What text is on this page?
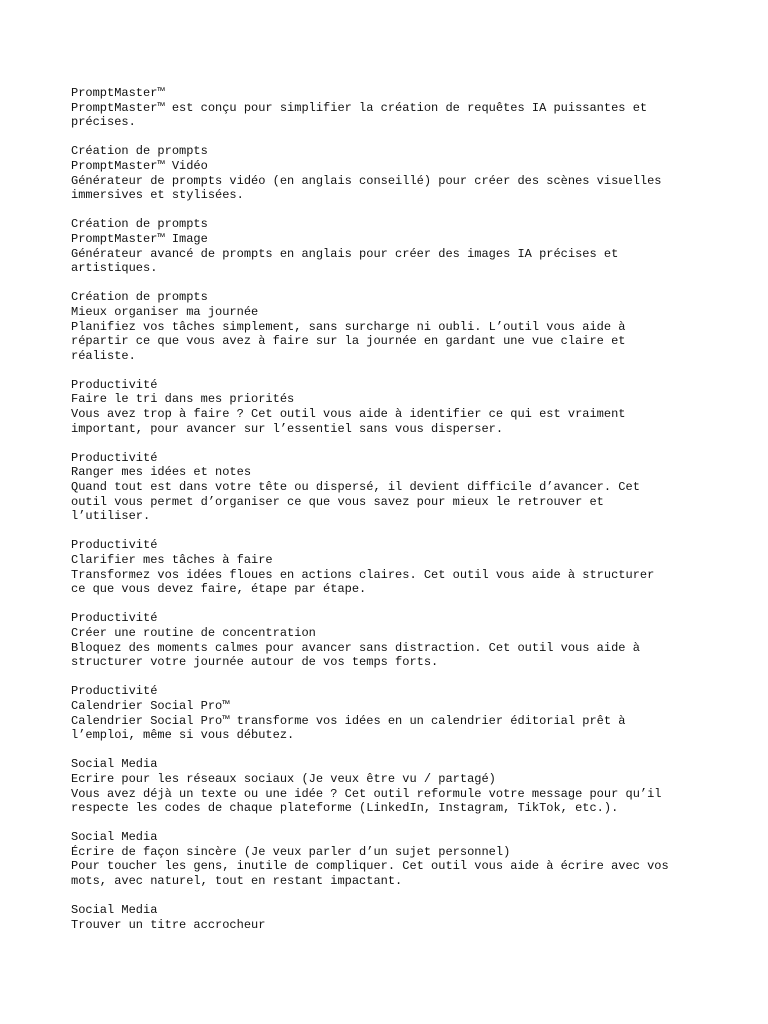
PromptMaster™
PromptMaster™ est conçu pour simplifier la création de requêtes IA puissantes et
précises.
Création de prompts
PromptMaster™ Vidéo
Générateur de prompts vidéo (en anglais conseillé) pour créer des scènes visuelles
immersives et stylisées.
Création de prompts
PromptMaster™ Image
Générateur avancé de prompts en anglais pour créer des images IA précises et
artistiques.
Création de prompts
Mieux organiser ma journée
Planifiez vos tâches simplement, sans surcharge ni oubli. L’outil vous aide à
répartir ce que vous avez à faire sur la journée en gardant une vue claire et
réaliste.
Productivité
Faire le tri dans mes priorités
Vous avez trop à faire ? Cet outil vous aide à identifier ce qui est vraiment
important, pour avancer sur l’essentiel sans vous disperser.
Productivité
Ranger mes idées et notes
Quand tout est dans votre tête ou dispersé, il devient difficile d’avancer. Cet
outil vous permet d’organiser ce que vous savez pour mieux le retrouver et
l’utiliser.
Productivité
Clarifier mes tâches à faire
Transformez vos idées floues en actions claires. Cet outil vous aide à structurer
ce que vous devez faire, étape par étape.
Productivité
Créer une routine de concentration
Bloquez des moments calmes pour avancer sans distraction. Cet outil vous aide à
structurer votre journée autour de vos temps forts.
Productivité
Calendrier Social Pro™
Calendrier Social Pro™ transforme vos idées en un calendrier éditorial prêt à
l’emploi, même si vous débutez.
Social Media
Ecrire pour les réseaux sociaux (Je veux être vu / partagé)
Vous avez déjà un texte ou une idée ? Cet outil reformule votre message pour qu’il
respecte les codes de chaque plateforme (LinkedIn, Instagram, TikTok, etc.).
Social Media
Écrire de façon sincère (Je veux parler d’un sujet personnel)
Pour toucher les gens, inutile de compliquer. Cet outil vous aide à écrire avec vos
mots, avec naturel, tout en restant impactant.
Social Media
Trouver un titre accrocheur
